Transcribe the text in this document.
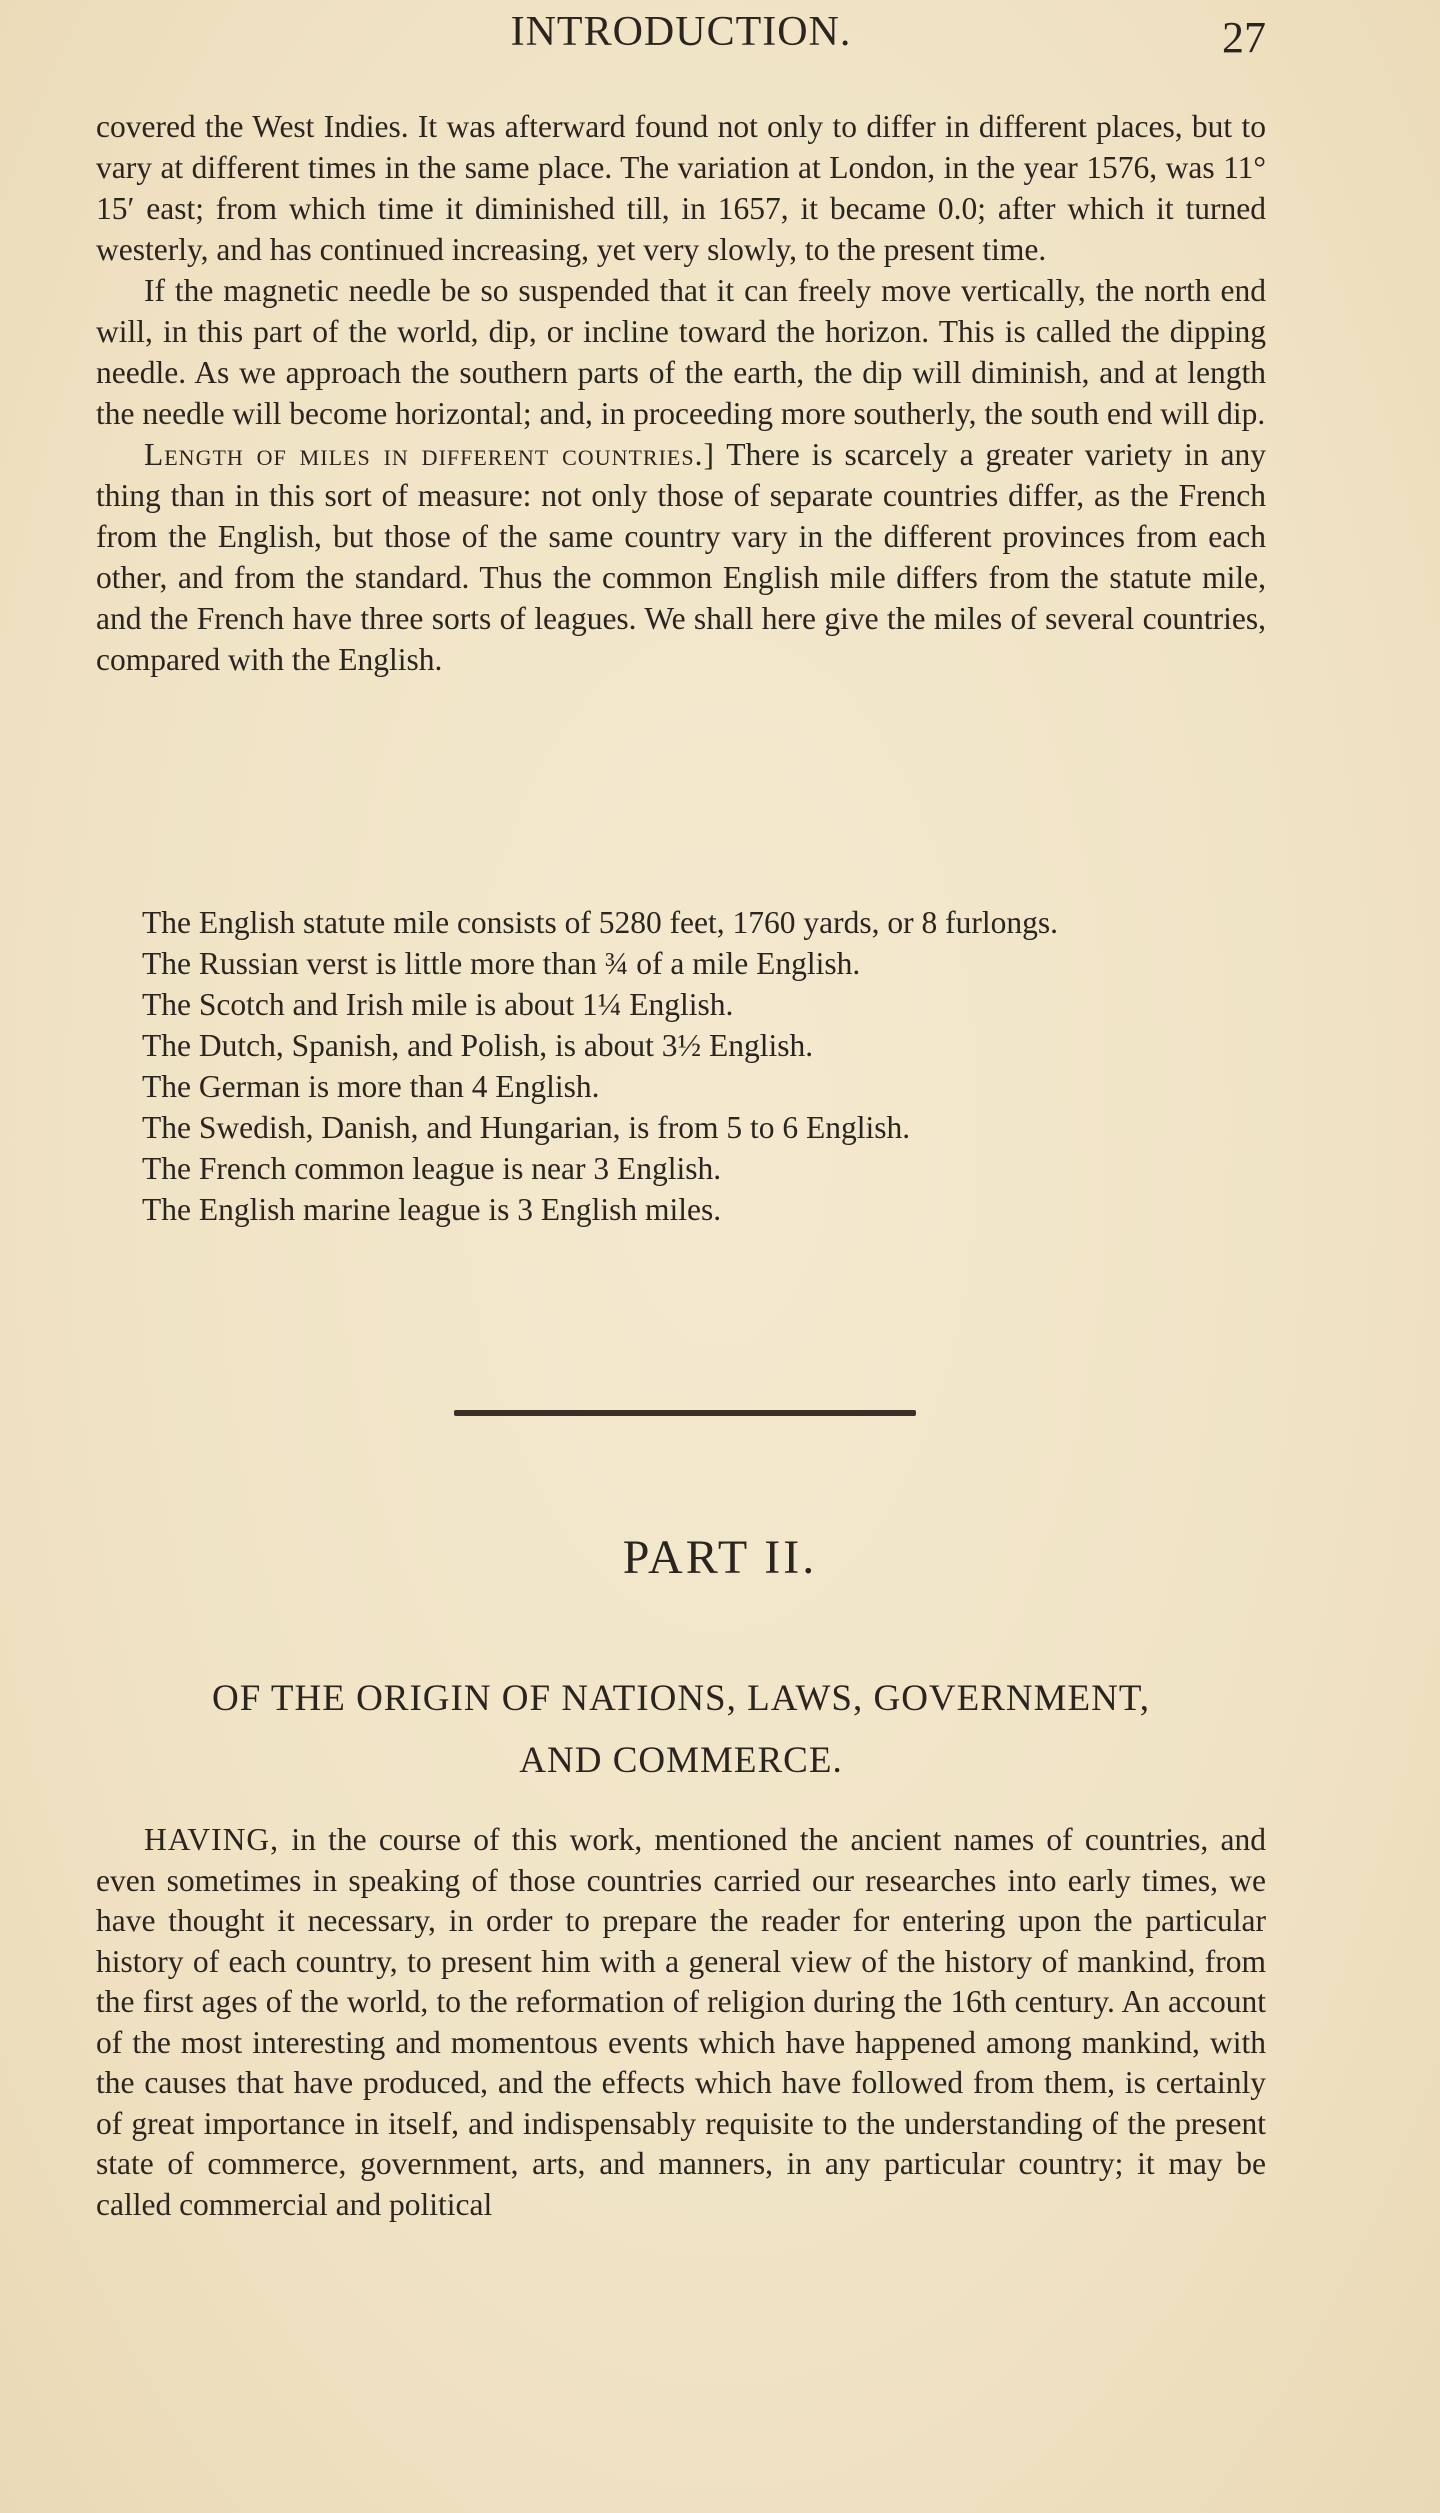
INTRODUCTION.	27

covered the West Indies. It was afterward found not only to differ in different places, but to vary at different times in the same place. The variation at London, in the year 1576, was 11° 15′ east; from which time it diminished till, in 1657, it became 0.0; after which it turned westerly, and has continued increasing, yet very slowly, to the present time.

If the magnetic needle be so suspended that it can freely move vertically, the north end will, in this part of the world, dip, or incline toward the horizon. This is called the dipping needle. As we approach the southern parts of the earth, the dip will diminish, and at length the needle will become horizontal; and, in proceeding more southerly, the south end will dip.

Length of miles in different countries.] There is scarcely a greater variety in any thing than in this sort of measure: not only those of separate countries differ, as the French from the English, but those of the same country vary in the different provinces from each other, and from the standard. Thus the common English mile differs from the statute mile, and the French have three sorts of leagues. We shall here give the miles of several countries, compared with the English.

The English statute mile consists of 5280 feet, 1760 yards, or 8 furlongs.

The Russian verst is little more than ¾ of a mile English.

The Scotch and Irish mile is about 1¼ English.

The Dutch, Spanish, and Polish, is about 3½ English.

The German is more than 4 English.

The Swedish, Danish, and Hungarian, is from 5 to 6 English.

The French common league is near 3 English.

The English marine league is 3 English miles.

PART II.
OF THE ORIGIN OF NATIONS, LAWS, GOVERNMENT,
AND COMMERCE.

HAVING, in the course of this work, mentioned the ancient names of countries, and even sometimes in speaking of those countries carried our researches into early times, we have thought it necessary, in order to prepare the reader for entering upon the particular history of each country, to present him with a general view of the history of mankind, from the first ages of the world, to the reformation of religion during the 16th century. An account of the most interesting and momentous events which have happened among mankind, with the causes that have produced, and the effects which have followed from them, is certainly of great importance in itself, and indispensably requisite to the understanding of the present state of commerce, government, arts, and manners, in any particular country; it may be called commercial and political
